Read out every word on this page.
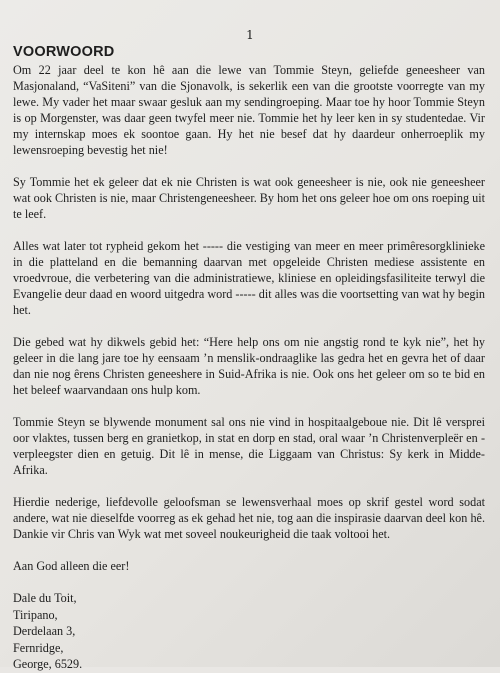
1
VOORWOORD

Om 22 jaar deel te kon hê aan die lewe van Tommie Steyn, geliefde geneesheer van Masjonaland, “VaSiteni” van die Sjonavolk, is sekerlik een van die grootste voorregte van my lewe. My vader het maar swaar gesluk aan my sendingroeping. Maar toe hy hoor Tommie Steyn is op Morgenster, was daar geen twyfel meer nie. Tommie het hy leer ken in sy studentedae. Vir my internskap moes ek soontoe gaan. Hy het nie besef dat hy daardeur onherroeplik my lewensroeping bevestig het nie!

Sy Tommie het ek geleer dat ek nie Christen is wat ook geneesheer is nie, ook nie geneesheer wat ook Christen is nie, maar Christengeneesheer. By hom het ons geleer hoe om ons roeping uit te leef.

Alles wat later tot rypheid gekom het ----- die vestiging van meer en meer primêresorgklinieke in die platteland en die bemanning daarvan met opgeleide Christen mediese assistente en vroedvroue, die verbetering van die administratiewe, kliniese en opleidingsfasiliteite terwyl die Evangelie deur daad en woord uitgedra word ----- dit alles was die voortsetting van wat hy begin het.

Die gebed wat hy dikwels gebid het: “Here help ons om nie angstig rond te kyk nie”, het hy geleer in die lang jare toe hy eensaam ’n menslik-ondraaglike las gedra het en gevra het of daar dan nie nog êrens Christen geneeshere in Suid-Afrika is nie. Ook ons het geleer om so te bid en het beleef waarvandaan ons hulp kom.

Tommie Steyn se blywende monument sal ons nie vind in hospitaalgeboue nie. Dit lê versprei oor vlaktes, tussen berg en granietkop, in stat en dorp en stad, oral waar ’n Christenverpleër en -verpleegster dien en getuig. Dit lê in mense, die Liggaam van Christus: Sy kerk in Midde-Afrika.

Hierdie nederige, liefdevolle geloofsman se lewensverhaal moes op skrif gestel word sodat andere, wat nie dieselfde voorreg as ek gehad het nie, tog aan die inspirasie daarvan deel kon hê. Dankie vir Chris van Wyk wat met soveel noukeurigheid die taak voltooi het.

Aan God alleen die eer!

Dale du Toit,
Tiripano,
Derdelaan 3,
Fernridge,
George, 6529.
